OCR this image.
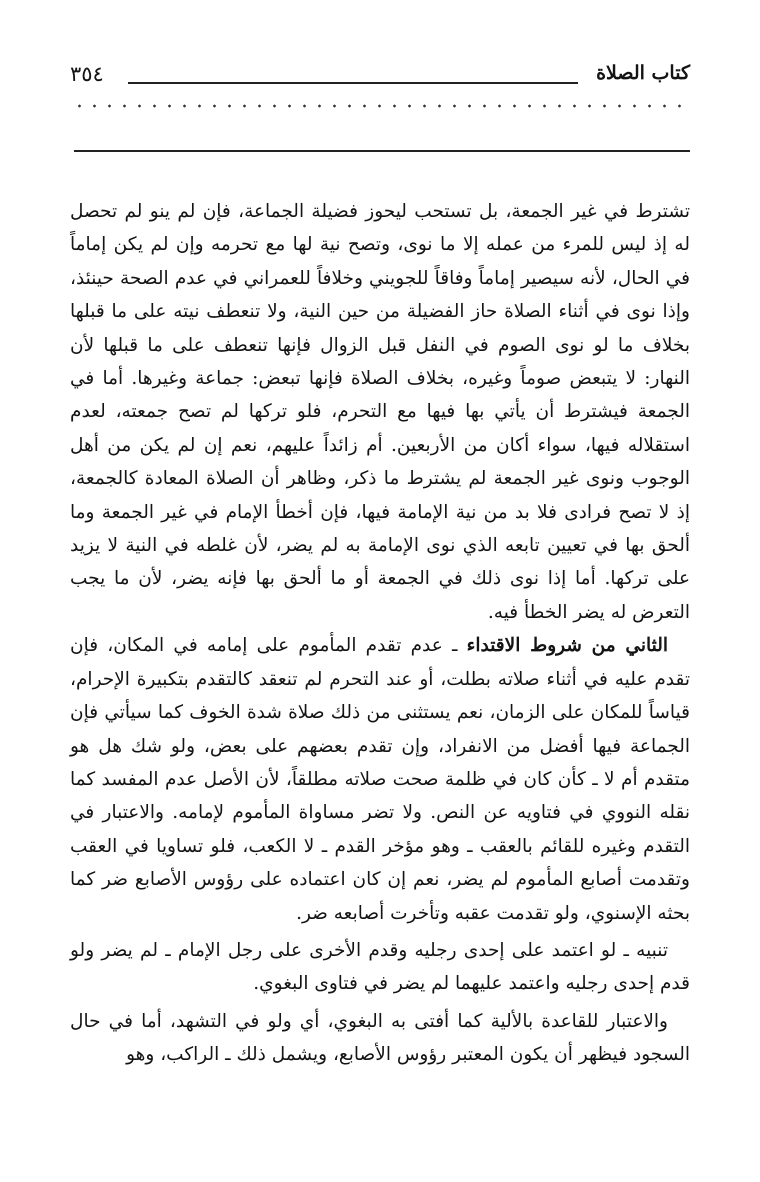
٣٥٤	كتاب الصلاة

تشترط في غير الجمعة، بل تستحب ليحوز فضيلة الجماعة، فإن لم ينو لم تحصل له إذ ليس للمرء من عمله إلا ما نوى، وتصح نية لها مع تحرمه وإن لم يكن إماماً في الحال، لأنه سيصير إماماً وفاقاً للجويني وخلافاً للعمراني في عدم الصحة حينئذ، وإذا نوى في أثناء الصلاة حاز الفضيلة من حين النية، ولا تنعطف نيته على ما قبلها بخلاف ما لو نوى الصوم في النفل قبل الزوال فإنها تنعطف على ما قبلها لأن النهار: لا يتبعض صوماً وغيره، بخلاف الصلاة فإنها تبعض: جماعة وغيرها. أما في الجمعة فيشترط أن يأتي بها فيها مع التحرم، فلو تركها لم تصح جمعته، لعدم استقلاله فيها، سواء أكان من الأربعين. أم زائداً عليهم، نعم إن لم يكن من أهل الوجوب ونوى غير الجمعة لم يشترط ما ذكر، وظاهر أن الصلاة المعادة كالجمعة، إذ لا تصح فرادى فلا بد من نية الإمامة فيها، فإن أخطأ الإمام في غير الجمعة وما ألحق بها في تعيين تابعه الذي نوى الإمامة به لم يضر، لأن غلطه في النية لا يزيد على تركها. أما إذا نوى ذلك في الجمعة أو ما ألحق بها فإنه يضر، لأن ما يجب التعرض له يضر الخطأ فيه.

الثاني من شروط الاقتداء ـ عدم تقدم المأموم على إمامه في المكان، فإن تقدم عليه في أثناء صلاته بطلت، أو عند التحرم لم تنعقد كالتقدم بتكبيرة الإحرام، قياساً للمكان على الزمان، نعم يستثنى من ذلك صلاة شدة الخوف كما سيأتي فإن الجماعة فيها أفضل من الانفراد، وإن تقدم بعضهم على بعض، ولو شك هل هو متقدم أم لا ـ كأن كان في ظلمة صحت صلاته مطلقاً، لأن الأصل عدم المفسد كما نقله النووي في فتاويه عن النص. ولا تضر مساواة المأموم لإمامه. والاعتبار في التقدم وغيره للقائم بالعقب ـ وهو مؤخر القدم ـ لا الكعب، فلو تساويا في العقب وتقدمت أصابع المأموم لم يضر، نعم إن كان اعتماده على رؤوس الأصابع ضر كما بحثه الإسنوي، ولو تقدمت عقبه وتأخرت أصابعه ضر.

تنبيه ـ لو اعتمد على إحدى رجليه وقدم الأخرى على رجل الإمام ـ لم يضر ولو قدم إحدى رجليه واعتمد عليهما لم يضر في فتاوى البغوي.

والاعتبار للقاعدة بالألية كما أفتى به البغوي، أي ولو في التشهد، أما في حال السجود فيظهر أن يكون المعتبر رؤوس الأصابع، ويشمل ذلك ـ الراكب، وهو
